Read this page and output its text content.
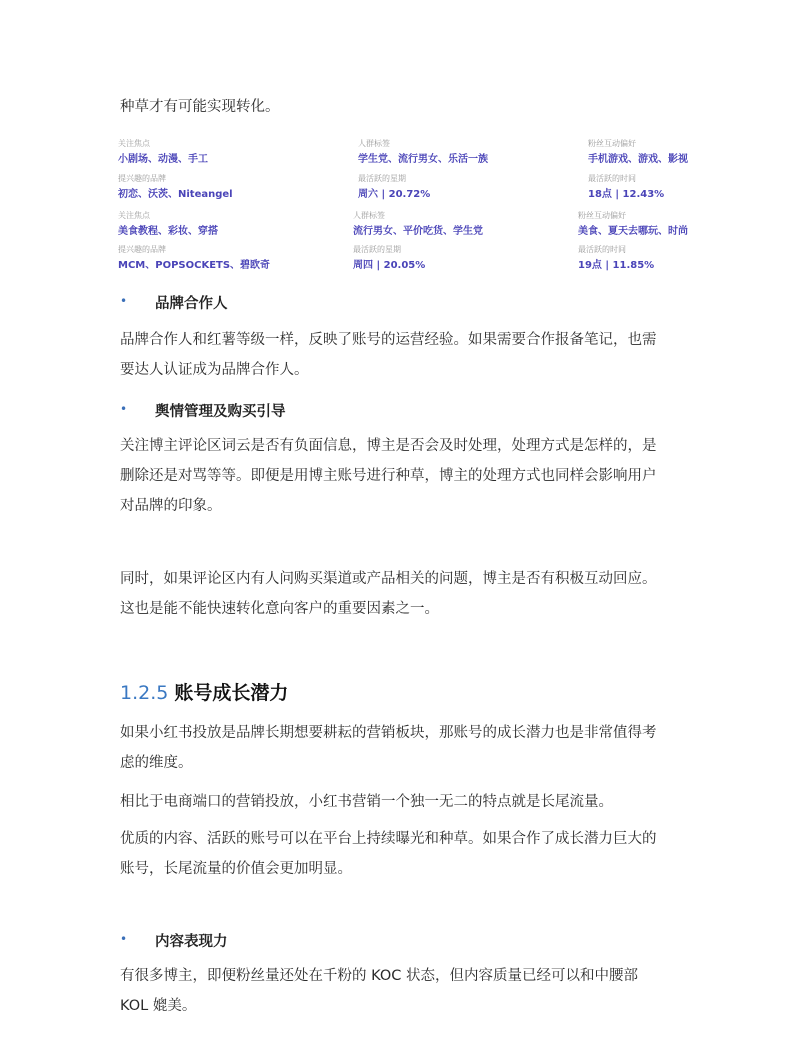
种草才有可能实现转化。
关注焦点
小剧场、动漫、手工
人群标签
学生党、流行男女、乐活一族
粉丝互动偏好
手机游戏、游戏、影视
提兴趣的品牌
初恋、沃茨、Niteangel
最活跃的星期
周六 | 20.72%
最活跃的时间
18点 | 12.43%
关注焦点
美食教程、彩妆、穿搭
人群标签
流行男女、平价吃货、学生党
粉丝互动偏好
美食、夏天去哪玩、时尚
提兴趣的品牌
MCM、POPSOCKETS、碧欧奇
最活跃的星期
周四 | 20.05%
最活跃的时间
19点 | 11.85%
• 品牌合作人
品牌合作人和红薯等级一样，反映了账号的运营经验。如果需要合作报备笔记，也需
要达人认证成为品牌合作人。
• 舆情管理及购买引导
关注博主评论区词云是否有负面信息，博主是否会及时处理，处理方式是怎样的，是
删除还是对骂等等。即便是用博主账号进行种草，博主的处理方式也同样会影响用户
对品牌的印象。
同时，如果评论区内有人问购买渠道或产品相关的问题，博主是否有积极互动回应。
这也是能不能快速转化意向客户的重要因素之一。
1.2.5 账号成长潜力
如果小红书投放是品牌长期想要耕耘的营销板块，那账号的成长潜力也是非常值得考
虑的维度。
相比于电商端口的营销投放，小红书营销一个独一无二的特点就是长尾流量。
优质的内容、活跃的账号可以在平台上持续曝光和种草。如果合作了成长潜力巨大的
账号，长尾流量的价值会更加明显。
• 内容表现力
有很多博主，即便粉丝量还处在千粉的 KOC 状态，但内容质量已经可以和中腰部
KOL 媲美。
